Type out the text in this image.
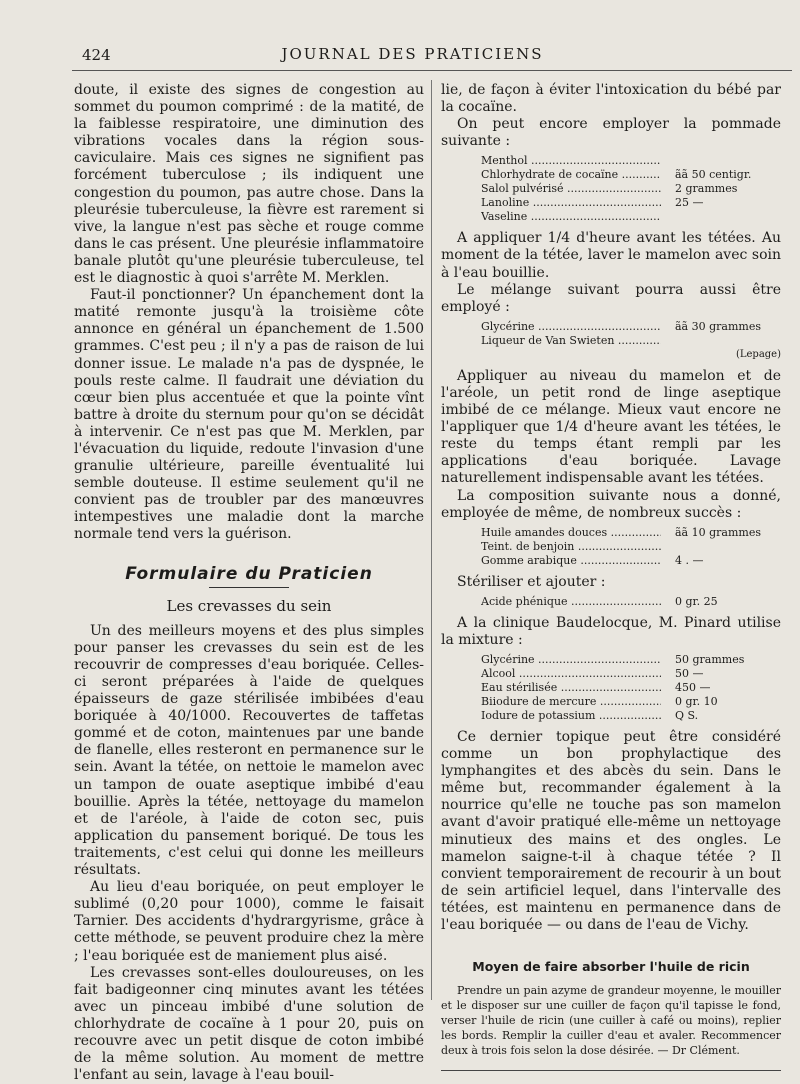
424	JOURNAL DES PRATICIENS

doute, il existe des signes de congestion au sommet du poumon comprimé : de la matité, de la faiblesse respiratoire, une diminution des vibrations vocales dans la région sous-caviculaire. Mais ces signes ne signifient pas forcément tuberculose ; ils indiquent une congestion du poumon, pas autre chose. Dans la pleurésie tuberculeuse, la fièvre est rarement si vive, la langue n'est pas sèche et rouge comme dans le cas présent. Une pleurésie inflammatoire banale plutôt qu'une pleurésie tuberculeuse, tel est le diagnostic à quoi s'arrête M. Merklen.

Faut-il ponctionner? Un épanchement dont la matité remonte jusqu'à la troisième côte annonce en général un épanchement de 1.500 grammes. C'est peu ; il n'y a pas de raison de lui donner issue. Le malade n'a pas de dyspnée, le pouls reste calme. Il faudrait une déviation du cœur bien plus accentuée et que la pointe vînt battre à droite du sternum pour qu'on se décidât à intervenir. Ce n'est pas que M. Merklen, par l'évacuation du liquide, redoute l'invasion d'une granulie ultérieure, pareille éventualité lui semble douteuse. Il estime seulement qu'il ne convient pas de troubler par des manœuvres intempestives une maladie dont la marche normale tend vers la guérison.

Formulaire du Praticien
Les crevasses du sein

Un des meilleurs moyens et des plus simples pour panser les crevasses du sein est de les recouvrir de compresses d'eau boriquée. Celles-ci seront préparées à l'aide de quelques épaisseurs de gaze stérilisée imbibées d'eau boriquée à 40/1000. Recouvertes de taffetas gommé et de coton, maintenues par une bande de flanelle, elles resteront en permanence sur le sein. Avant la tétée, on nettoie le mamelon avec un tampon de ouate aseptique imbibé d'eau bouillie. Après la tétée, nettoyage du mamelon et de l'aréole, à l'aide de coton sec, puis application du pansement boriqué. De tous les traitements, c'est celui qui donne les meilleurs résultats.

Au lieu d'eau boriquée, on peut employer le sublimé (0,20 pour 1000), comme le faisait Tarnier. Des accidents d'hydrargyrisme, grâce à cette méthode, se peuvent produire chez la mère ; l'eau boriquée est de maniement plus aisé.

Les crevasses sont-elles douloureuses, on les fait badigeonner cinq minutes avant les tétées avec un pinceau imbibé d'une solution de chlorhydrate de cocaïne à 1 pour 20, puis on recouvre avec un petit disque de coton imbibé de la même solution. Au moment de mettre l'enfant au sein, lavage à l'eau bouil-

lie, de façon à éviter l'intoxication du bébé par la cocaïne.

On peut encore employer la pommade suivante :

Menthol .....
Chlorhydrate de cocaïne .....	ãã 50 centigr.
Salol pulvérisé .....	2 grammes
Lanoline .....	25 —
Vaseline .....

A appliquer 1/4 d'heure avant les tétées. Au moment de la tétée, laver le mamelon avec soin à l'eau bouillie.

Le mélange suivant pourra aussi être employé :

Glycérine .....	ãã 30 grammes
Liqueur de Van Swieten .....
(Lepage)

Appliquer au niveau du mamelon et de l'aréole, un petit rond de linge aseptique imbibé de ce mélange. Mieux vaut encore ne l'appliquer que 1/4 d'heure avant les tétées, le reste du temps étant rempli par les applications d'eau boriquée. Lavage naturellement indispensable avant les tétées.

La composition suivante nous a donné, employée de même, de nombreux succès :

Huile amandes douces .....	ãã 10 grammes
Teint. de benjoin .....
Gomme arabique .....	4 . —

Stériliser et ajouter :

Acide phénique .....	0 gr. 25

A la clinique Baudelocque, M. Pinard utilise la mixture :

Glycérine .....	50 grammes
Alcool .....	50 —
Eau stérilisée .....	450 —
Biiodure de mercure .....	0 gr. 10
Iodure de potassium .....	Q S.

Ce dernier topique peut être considéré comme un bon prophylactique des lymphangites et des abcès du sein. Dans le même but, recommander également à la nourrice qu'elle ne touche pas son mamelon avant d'avoir pratiqué elle-même un nettoyage minutieux des mains et des ongles. Le mamelon saigne-t-il à chaque tétée ? Il convient temporairement de recourir à un bout de sein artificiel lequel, dans l'intervalle des tétées, est maintenu en permanence dans de l'eau boriquée — ou dans de l'eau de Vichy.

Moyen de faire absorber l'huile de ricin

Prendre un pain azyme de grandeur moyenne, le mouiller et le disposer sur une cuiller de façon qu'il tapisse le fond, verser l'huile de ricin (une cuiller à café ou moins), replier les bords. Remplir la cuiller d'eau et avaler. Recommencer deux à trois fois selon la dose désirée. — Dr Clément.
